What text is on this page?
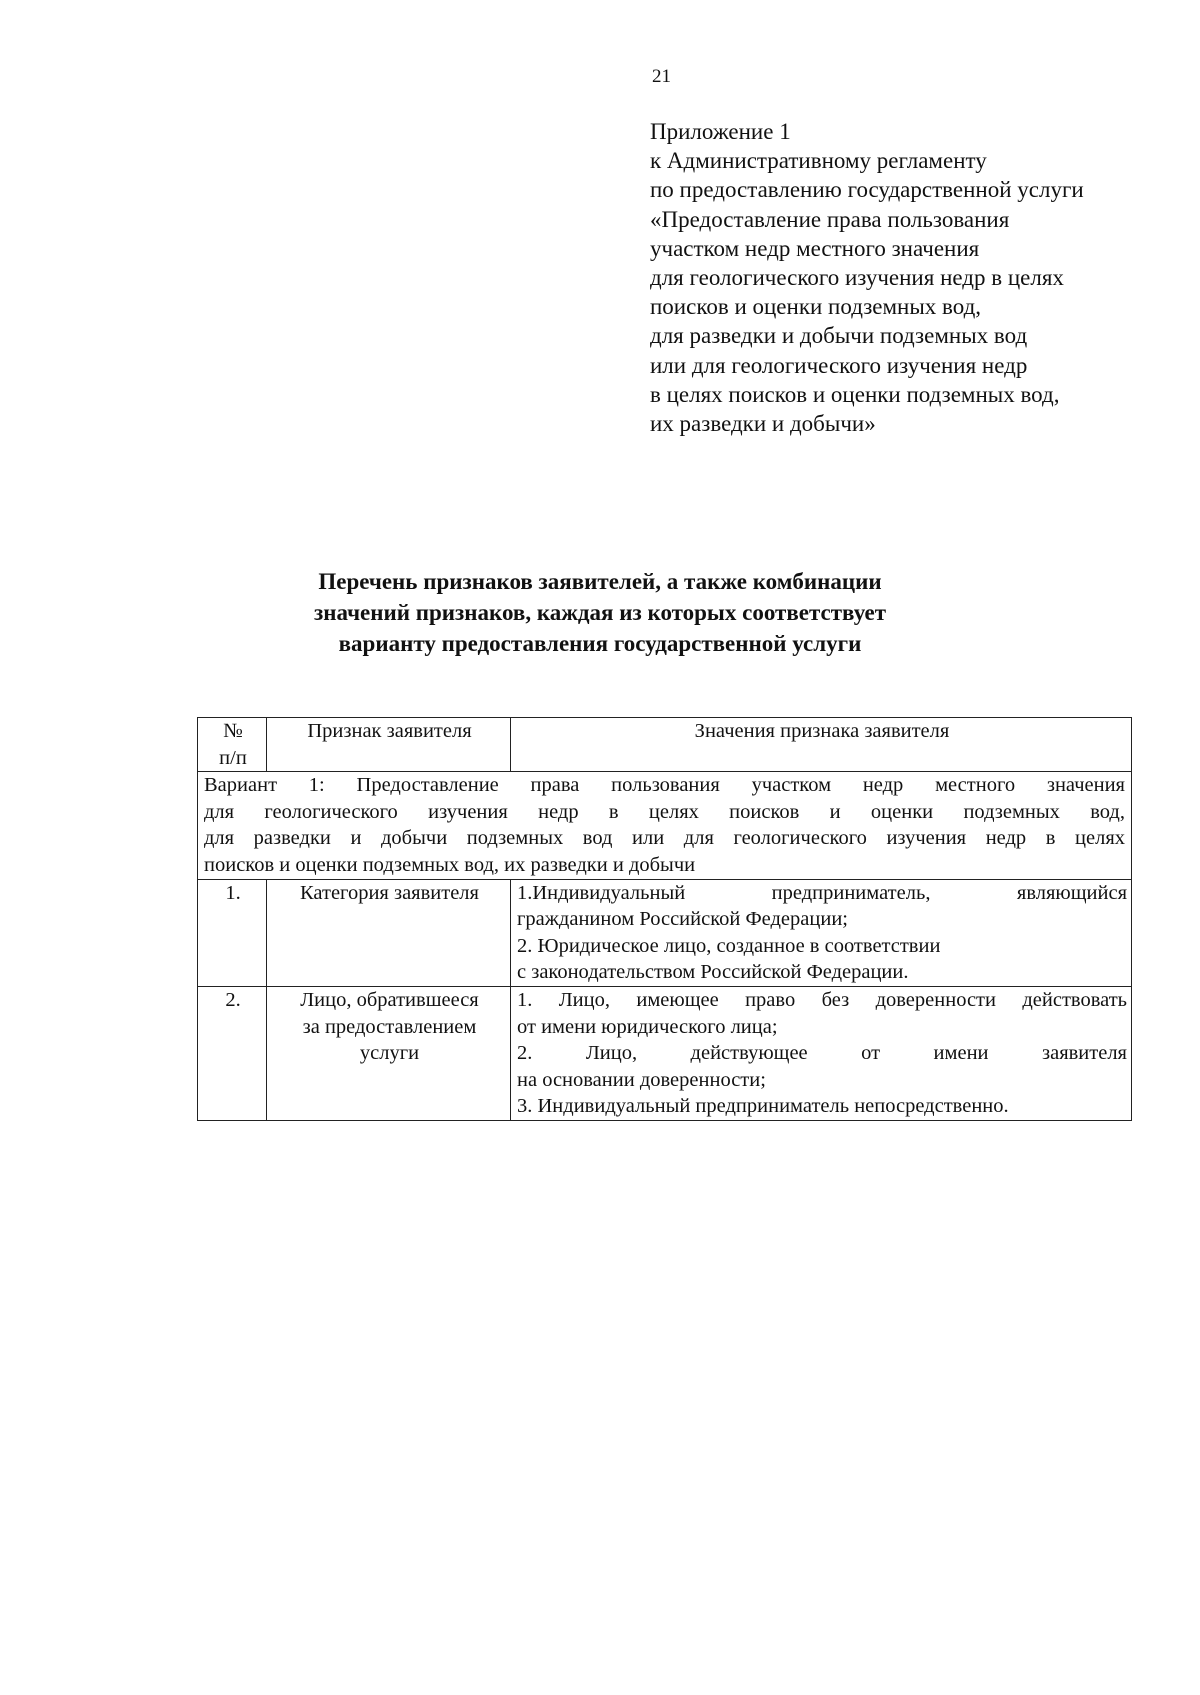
21
Приложение 1
к Административному регламенту
по предоставлению государственной услуги
«Предоставление права пользования
участком недр местного значения
для геологического изучения недр в целях
поисков и оценки подземных вод,
для разведки и добычи подземных вод
или для геологического изучения недр
в целях поисков и оценки подземных вод,
их разведки и добычи»
Перечень признаков заявителей, а также комбинации
значений признаков, каждая из которых соответствует
варианту предоставления государственной услуги
№
п/п	Признак заявителя	Значения признака заявителя

Вариант 1: Предоставление права пользования участком недр местного значения
для геологического изучения недр в целях поисков и оценки подземных вод,
для разведки и добычи подземных вод или для геологического изучения недр в целях
поисков и оценки подземных вод, их разведки и добычи		

1.	Категория заявителя	1.Индивидуальный предприниматель, являющийся
гражданином Российской Федерации;
2. Юридическое лицо, созданное в соответствии
с законодательством Российской Федерации.

2.	Лицо, обратившееся
за предоставлением
услуги	1. Лицо, имеющее право без доверенности действовать
от имени юридического лица;
2. Лицо, действующее от имени заявителя
на основании доверенности;
3. Индивидуальный предприниматель непосредственно.
